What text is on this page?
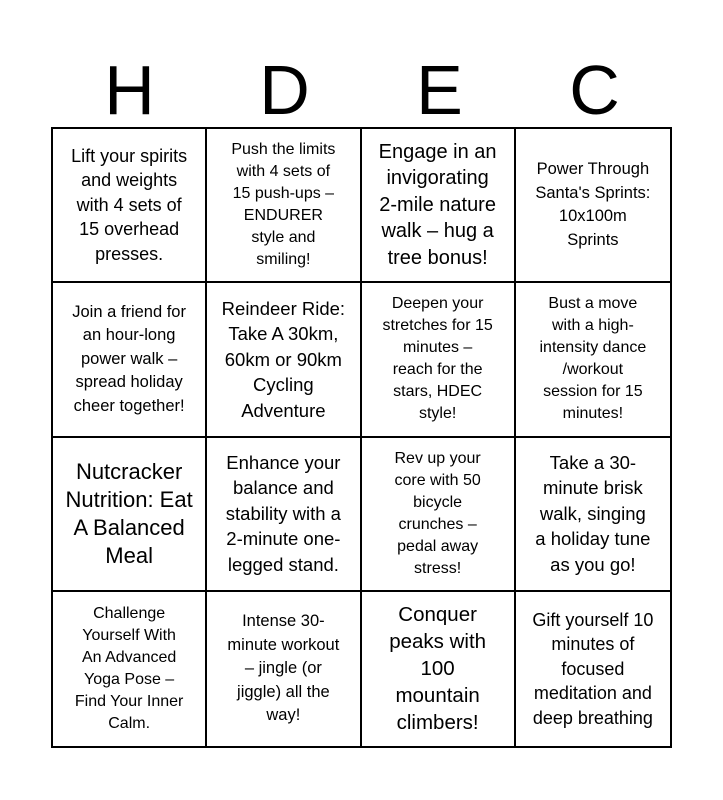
H	D	E	C
Lift your spirits
and weights
with 4 sets of
15 overhead
presses.
Push the limits
with 4 sets of
15 push-ups –
ENDURER
style and
smiling!
Engage in an
invigorating
2-mile nature
walk – hug a
tree bonus!
Power Through
Santa's Sprints:
10x100m
Sprints
Join a friend for
an hour-long
power walk –
spread holiday
cheer together!
Reindeer Ride:
Take A 30km,
60km or 90km
Cycling
Adventure
Deepen your
stretches for 15
minutes –
reach for the
stars, HDEC
style!
Bust a move
with a high-
intensity dance
/workout
session for 15
minutes!
Nutcracker
Nutrition: Eat
A Balanced
Meal
Enhance your
balance and
stability with a
2-minute one-
legged stand.
Rev up your
core with 50
bicycle
crunches –
pedal away
stress!
Take a 30-
minute brisk
walk, singing
a holiday tune
as you go!
Challenge
Yourself With
An Advanced
Yoga Pose –
Find Your Inner
Calm.
Intense 30-
minute workout
– jingle (or
jiggle) all the
way!
Conquer
peaks with
100
mountain
climbers!
Gift yourself 10
minutes of
focused
meditation and
deep breathing
